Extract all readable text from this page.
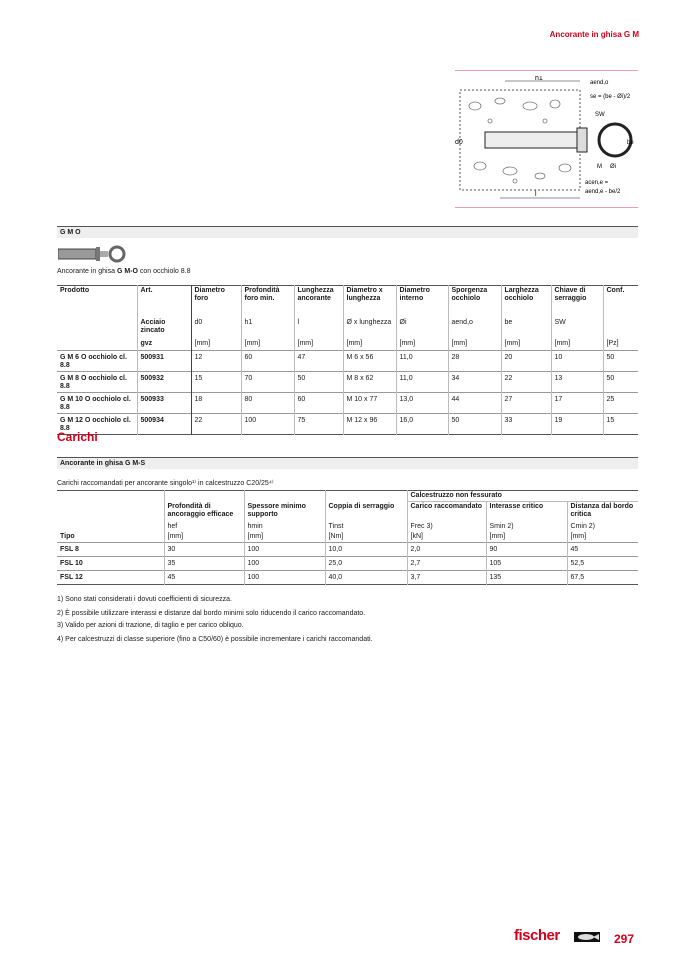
Ancorante in ghisa G M
h1
aend,o
se = (be - Øi)/2
SW
d0	be
M Øi
acen,e =
aend,e - be/2
l
G M O
Ancorante in ghisa G M-O con occhiolo 8.8
Prodotto	Art.	Diametro foro	Profondità foro min.	Lunghezza ancorante	Diametro x lunghezza	Diametro interno	Sporgenza occhiolo	Larghezza occhiolo	Chiave di serraggio	Conf.
	Acciaio zincato	d0	h1	l	Ø x lunghezza	Øi	aend,o	be	SW	
	gvz	[mm]	[mm]	[mm]	[mm]	[mm]	[mm]	[mm]	[mm]	[Pz]
G M 6 O occhiolo cl. 8.8	500931	12	60	47	M 6 x 56	11,0	28	20	10	50
G M 8 O occhiolo cl. 8.8	500932	15	70	50	M 8 x 62	11,0	34	22	13	50
G M 10 O occhiolo cl. 8.8	500933	18	80	60	M 10 x 77	13,0	44	27	17	25
G M 12 O occhiolo cl. 8.8	500934	22	100	75	M 12 x 96	16,0	50	33	19	15
Carichi
Ancorante in ghisa G M-S
Carichi raccomandati per ancorante singolo¹⁾ in calcestruzzo C20/25⁴⁾
				Calcestruzzo non fessurato		
	Profondità di ancoraggio efficace	Spessore minimo supporto	Coppia di serraggio	Carico raccomandato	Interasse critico	Distanza dal bordo critica
	hef	hmin	Tinst	Frec 3)	Smin 2)	Cmin 2)
Tipo	[mm]	[mm]	[Nm]	[kN]	[mm]	[mm]
FSL 8	30	100	10,0	2,0	90	45
FSL 10	35	100	25,0	2,7	105	52,5
FSL 12	45	100	40,0	3,7	135	67,5
1) Sono stati considerati i dovuti coefficienti di sicurezza.
2) È possibile utilizzare interassi e distanze dal bordo minimi solo riducendo il carico raccomandato.
3) Valido per azioni di trazione, di taglio e per carico obliquo.
4) Per calcestruzzi di classe superiore (fino a C50/60) è possibile incrementare i carichi raccomandati.
fischer	297
